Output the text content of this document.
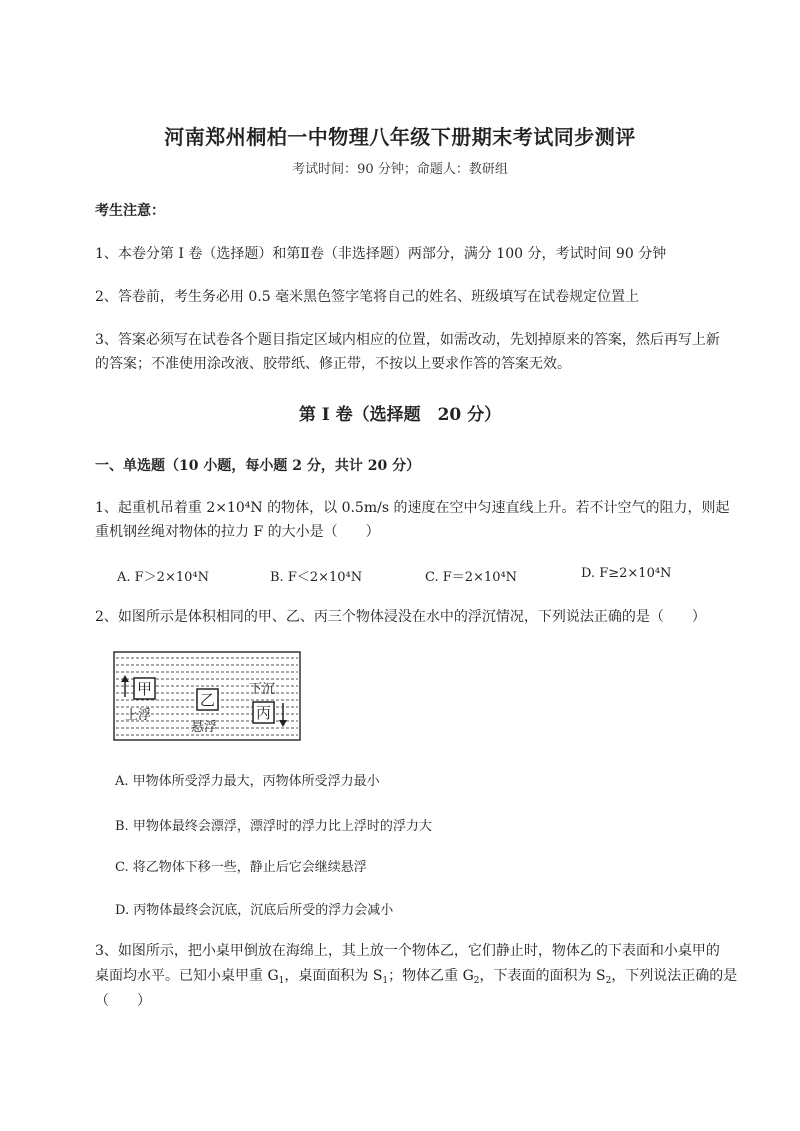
河南郑州桐柏一中物理八年级下册期末考试同步测评
考试时间：90 分钟；命题人：教研组
考生注意：
1、本卷分第 I 卷（选择题）和第Ⅱ卷（非选择题）两部分，满分 100 分，考试时间 90 分钟
2、答卷前，考生务必用 0.5 毫米黑色签字笔将自己的姓名、班级填写在试卷规定位置上
3、答案必须写在试卷各个题目指定区域内相应的位置，如需改动，先划掉原来的答案，然后再写上新
的答案；不准使用涂改液、胶带纸、修正带，不按以上要求作答的答案无效。
第 I 卷（选择题　20 分）
一、单选题（10 小题，每小题 2 分，共计 20 分）
1、起重机吊着重 2×10⁴N 的物体，以 0.5m/s 的速度在空中匀速直线上升。若不计空气的阻力，则起
重机钢丝绳对物体的拉力 F 的大小是（　　）
A. F＞2×10⁴N	B. F＜2×10⁴N	C. F＝2×10⁴N	D. F≥2×10⁴N
2、如图所示是体积相同的甲、乙、丙三个物体浸没在水中的浮沉情况，下列说法正确的是（　　）
甲
上浮
乙
悬浮
下沉
丙
A. 甲物体所受浮力最大，丙物体所受浮力最小
B. 甲物体最终会漂浮，漂浮时的浮力比上浮时的浮力大
C. 将乙物体下移一些，静止后它会继续悬浮
D. 丙物体最终会沉底，沉底后所受的浮力会减小
3、如图所示，把小桌甲倒放在海绵上，其上放一个物体乙，它们静止时，物体乙的下表面和小桌甲的
桌面均水平。已知小桌甲重 $G_1$，桌面面积为 $S_1$；物体乙重 $G_2$，下表面的面积为 $S_2$，下列说法正确的是
（　　）
